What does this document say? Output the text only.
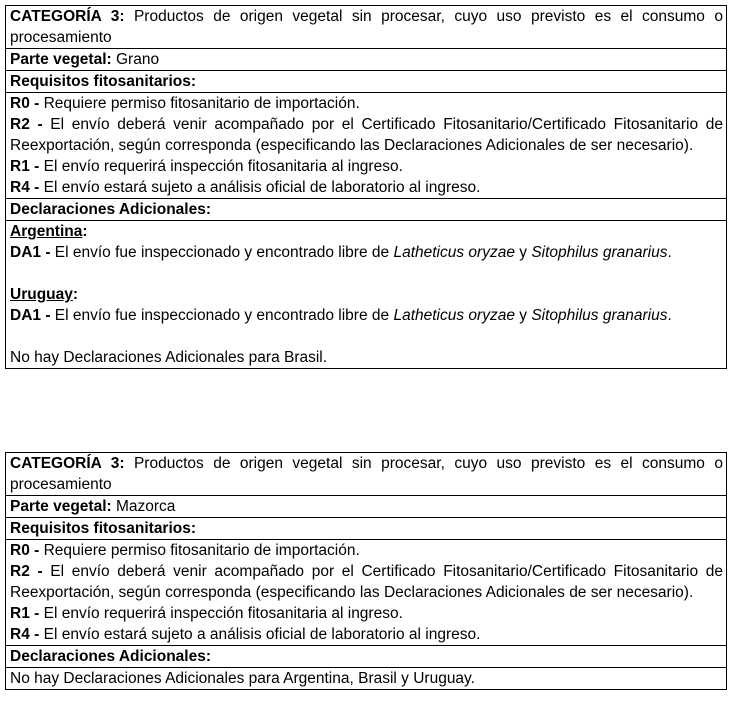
CATEGORÍA 3: Productos de origen vegetal sin procesar, cuyo uso previsto es el consumo o procesamiento
Parte vegetal: Grano
Requisitos fitosanitarios:
R0 - Requiere permiso fitosanitario de importación.
R2 - El envío deberá venir acompañado por el Certificado Fitosanitario/Certificado Fitosanitario de Reexportación, según corresponda (especificando las Declaraciones Adicionales de ser necesario).
R1 - El envío requerirá inspección fitosanitaria al ingreso.
R4 - El envío estará sujeto a análisis oficial de laboratorio al ingreso.
Declaraciones Adicionales:
Argentina:
DA1 - El envío fue inspeccionado y encontrado libre de Latheticus oryzae y Sitophilus granarius.
Uruguay:
DA1 - El envío fue inspeccionado y encontrado libre de Latheticus oryzae y Sitophilus granarius.
No hay Declaraciones Adicionales para Brasil.
CATEGORÍA 3: Productos de origen vegetal sin procesar, cuyo uso previsto es el consumo o procesamiento
Parte vegetal: Mazorca
Requisitos fitosanitarios:
R0 - Requiere permiso fitosanitario de importación.
R2 - El envío deberá venir acompañado por el Certificado Fitosanitario/Certificado Fitosanitario de Reexportación, según corresponda (especificando las Declaraciones Adicionales de ser necesario).
R1 - El envío requerirá inspección fitosanitaria al ingreso.
R4 - El envío estará sujeto a análisis oficial de laboratorio al ingreso.
Declaraciones Adicionales:
No hay Declaraciones Adicionales para Argentina, Brasil y Uruguay.
